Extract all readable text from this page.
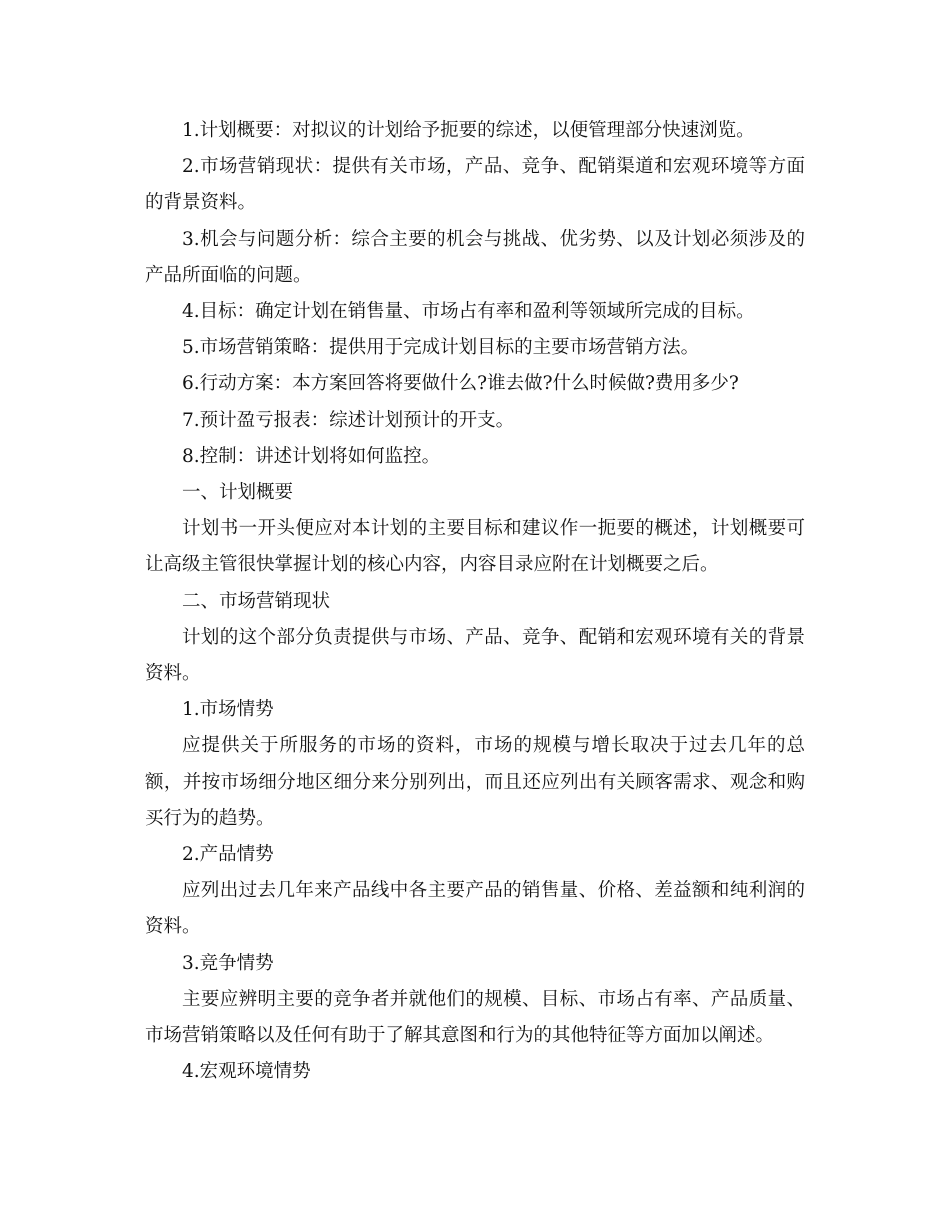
1.计划概要：对拟议的计划给予扼要的综述，以便管理部分快速浏览。

2.市场营销现状：提供有关市场，产品、竞争、配销渠道和宏观环境等方面的背景资料。

3.机会与问题分析：综合主要的机会与挑战、优劣势、以及计划必须涉及的产品所面临的问题。

4.目标：确定计划在销售量、市场占有率和盈利等领域所完成的目标。

5.市场营销策略：提供用于完成计划目标的主要市场营销方法。

6.行动方案：本方案回答将要做什么?谁去做?什么时候做?费用多少?

7.预计盈亏报表：综述计划预计的开支。

8.控制：讲述计划将如何监控。

一、计划概要

计划书一开头便应对本计划的主要目标和建议作一扼要的概述，计划概要可让高级主管很快掌握计划的核心内容，内容目录应附在计划概要之后。

二、市场营销现状

计划的这个部分负责提供与市场、产品、竞争、配销和宏观环境有关的背景资料。

1.市场情势

应提供关于所服务的市场的资料，市场的规模与增长取决于过去几年的总额，并按市场细分地区细分来分别列出，而且还应列出有关顾客需求、观念和购买行为的趋势。

2.产品情势

应列出过去几年来产品线中各主要产品的销售量、价格、差益额和纯利润的资料。

3.竞争情势

主要应辨明主要的竞争者并就他们的规模、目标、市场占有率、产品质量、市场营销策略以及任何有助于了解其意图和行为的其他特征等方面加以阐述。

4.宏观环境情势
